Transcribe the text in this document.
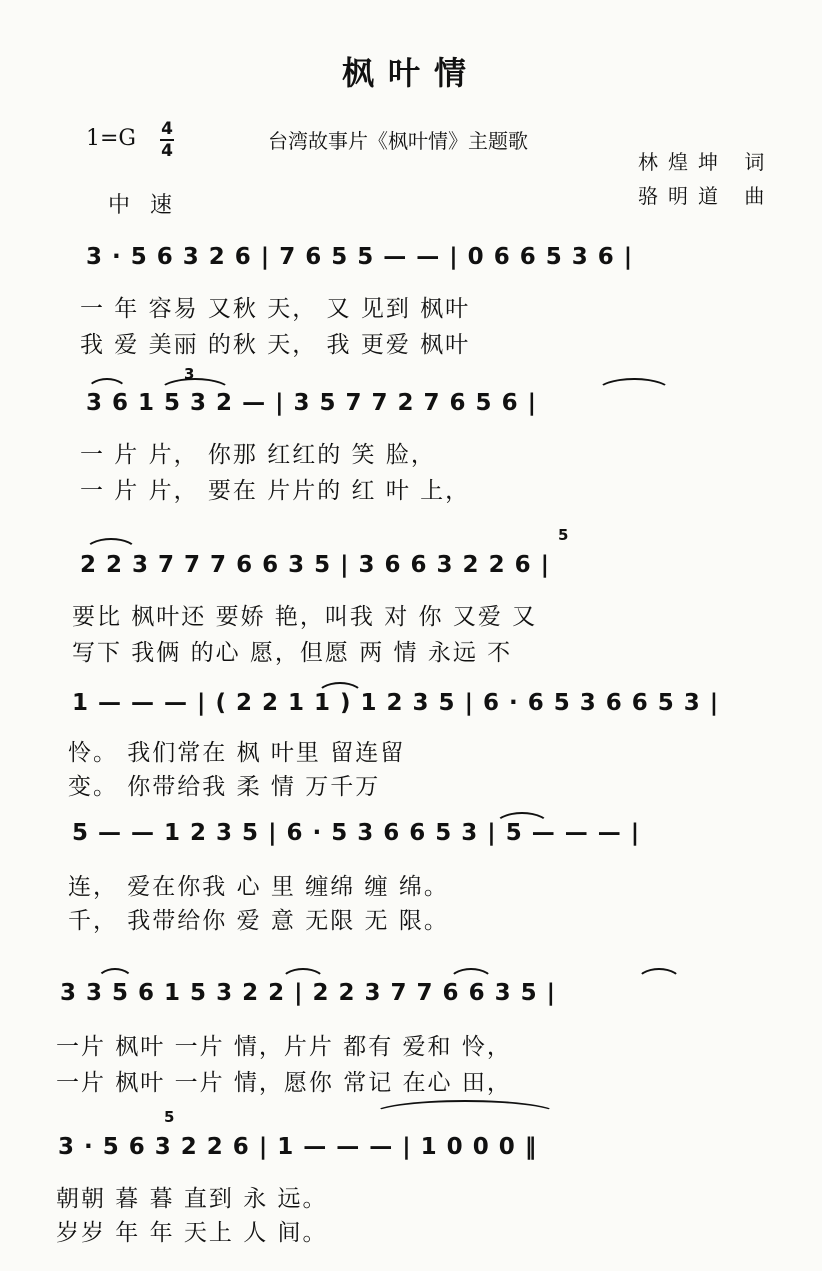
枫叶情
1=G 4
4	台湾故事片《枫叶情》主题歌
中速
林煌坤 词
骆明道 曲
3 · 5 6 3 2 6 | 7 6 5 5 — — | 0 6 6 5 3 6 |
一 年 容易 又秋 天， 又 见到 枫叶
我 爱 美丽 的秋 天， 我 更爱 枫叶
3
3 6 1 5 3 2 — | 3 5 7 7 2 7 6 5 6 |
一 片 片， 你那 红红的 笑 脸，
一 片 片， 要在 片片的 红 叶 上，
5
2 2 3 7 7 7 6 6 3 5 | 3 6 6 3 2 2 6 |
要比 枫叶还 要娇 艳，叫我 对 你 又爱 又
写下 我俩 的心 愿，但愿 两 情 永远 不
1 — — — | ( 2 2 1 1 ) 1 2 3 5 | 6 · 6 5 3 6 6 5 3 |
怜。 我们常在 枫 叶里 留连留
变。 你带给我 柔 情 万千万
5 — — 1 2 3 5 | 6 · 5 3 6 6 5 3 | 5 — — — |
连， 爱在你我 心 里 缠绵 缠 绵。
千， 我带给你 爱 意 无限 无 限。
3 3 5 6 1 5 3 2 2 | 2 2 3 7 7 6 6 3 5 |
一片 枫叶 一片 情，片片 都有 爱和 怜，
一片 枫叶 一片 情，愿你 常记 在心 田，
5
3 · 5 6 3 2 2 6 | 1 — — — | 1 0 0 0 ‖
朝朝 暮 暮 直到 永 远。
岁岁 年 年 天上 人 间。
